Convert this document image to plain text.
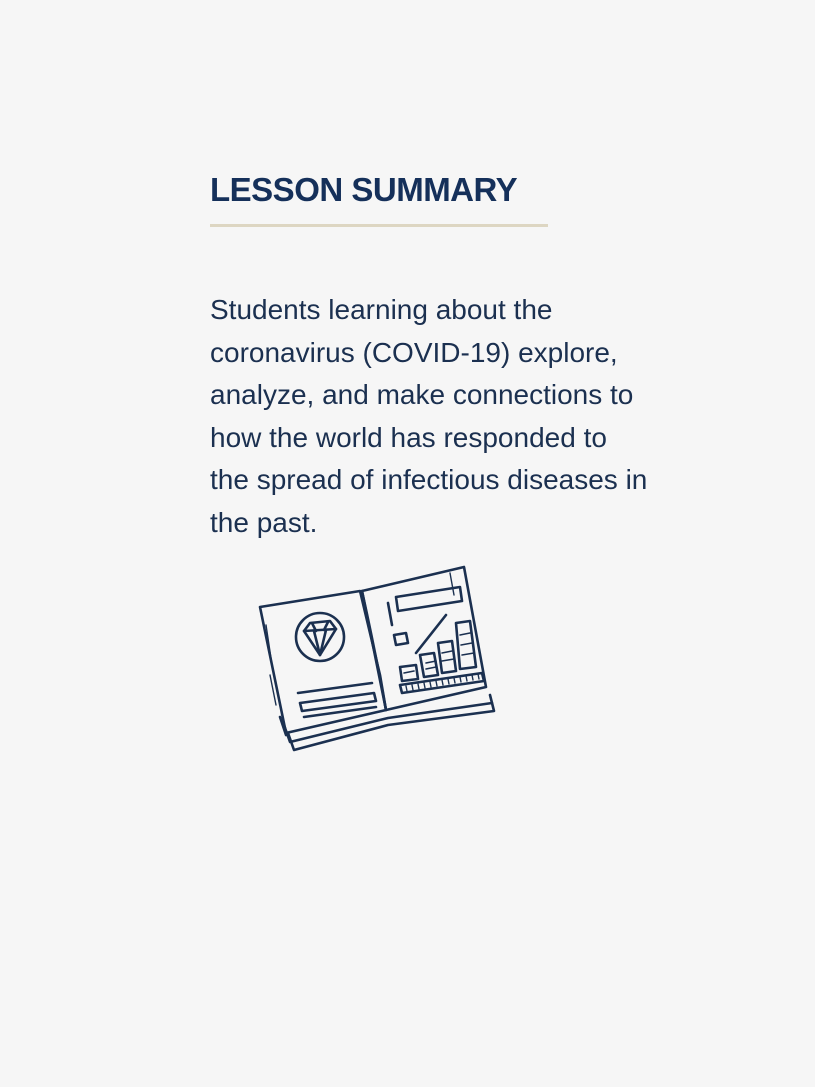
LESSON SUMMARY

Students learning about the coronavirus (COVID-19) explore, analyze, and make connections to how the world has responded to the spread of infectious diseases in the past.
